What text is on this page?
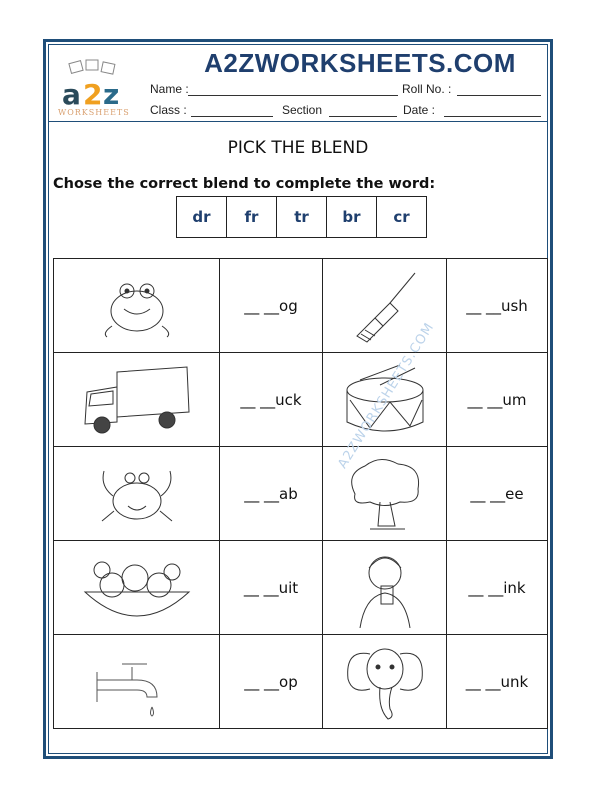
a 2 z
WORKSHEETS
A2ZWORKSHEETS.COM
Name :	Roll No. :
Class :	Section	Date :
PICK THE BLEND
Chose the correct blend to complete the word:
dr	fr	tr	br	cr
	__ __og		__ __ush

	__ __uck		__ __um

	__ __ab		__ __ee

	__ __uit		__ __ink

	__ __op		__ __unk
A2ZWORKSHEETS.COM
